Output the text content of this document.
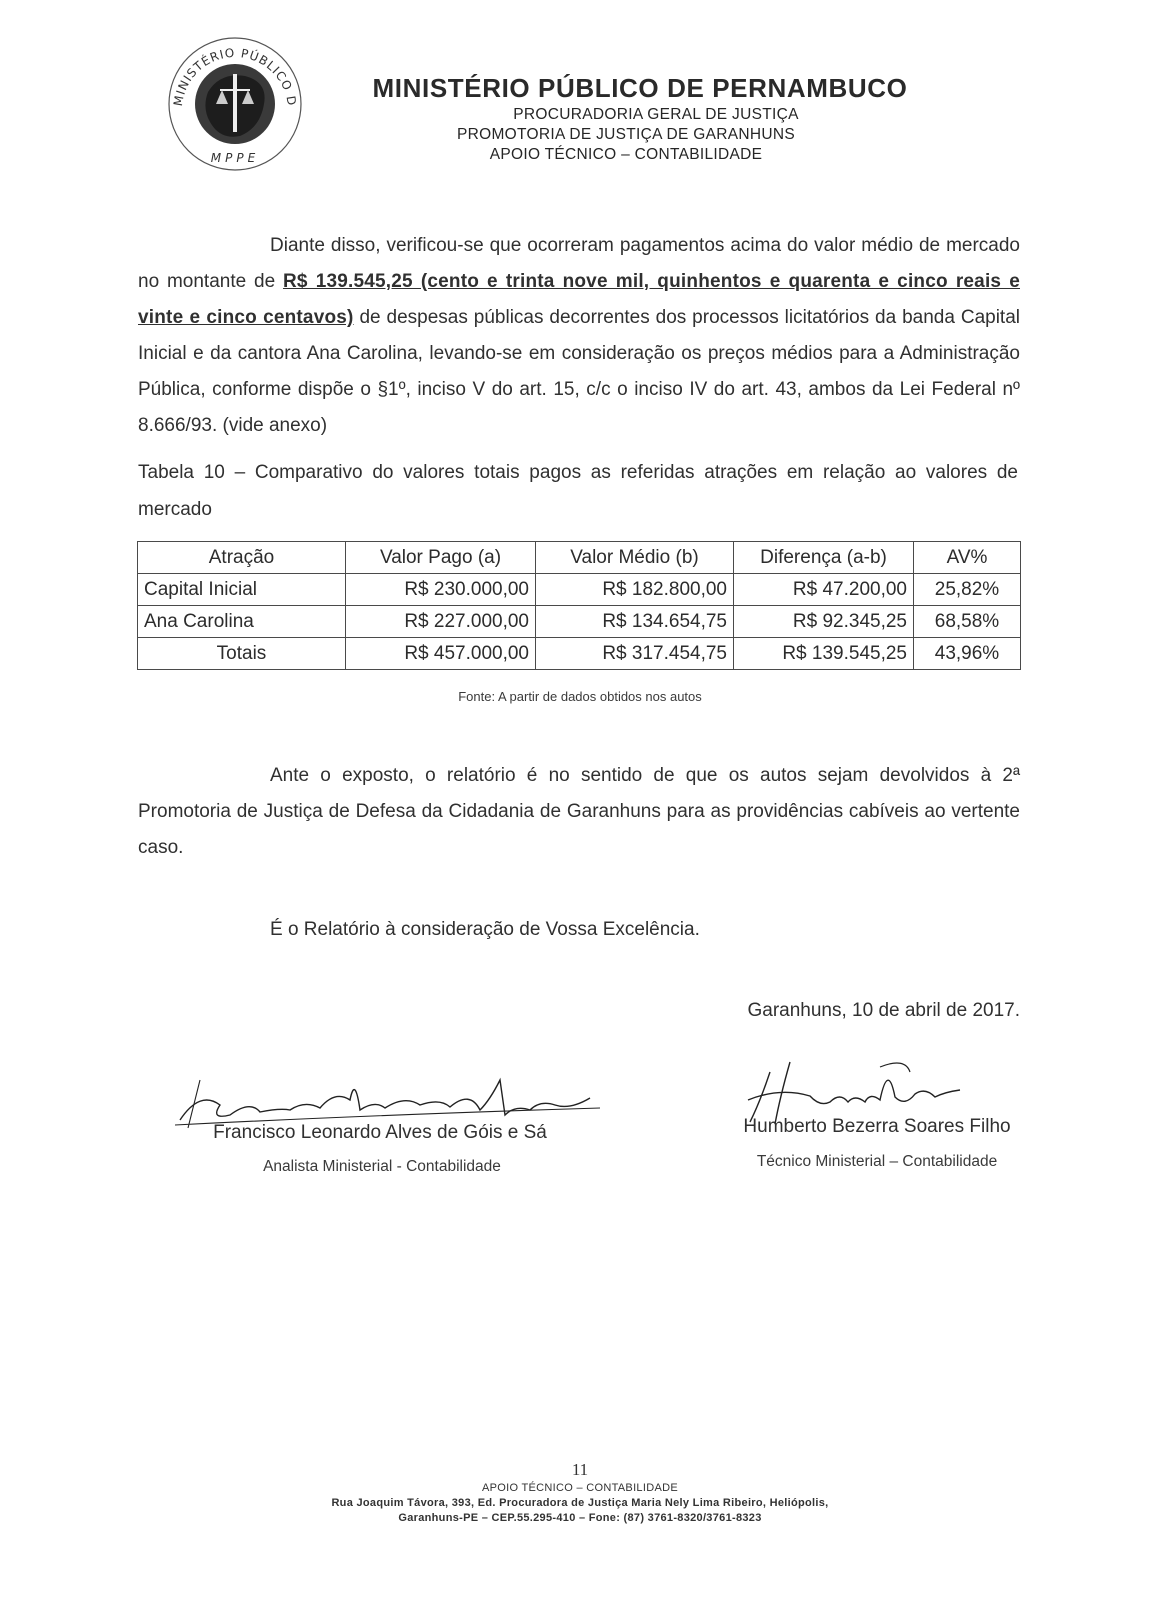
MINISTÉRIO PÚBLICO D
MPPE
MINISTÉRIO PÚBLICO DE PERNAMBUCO
PROCURADORIA GERAL DE JUSTIÇA
PROMOTORIA DE JUSTIÇA DE GARANHUNS
APOIO TÉCNICO – CONTABILIDADE
Diante disso, verificou-se que ocorreram pagamentos acima do valor médio de mercado no montante de R$ 139.545,25 (cento e trinta nove mil, quinhentos e quarenta e cinco reais e vinte e cinco centavos) de despesas públicas decorrentes dos processos licitatórios da banda Capital Inicial e da cantora Ana Carolina, levando-se em consideração os preços médios para a Administração Pública, conforme dispõe o §1º, inciso V do art. 15, c/c o inciso IV do art. 43, ambos da Lei Federal nº 8.666/93. (vide anexo)
Tabela 10 – Comparativo do valores totais pagos as referidas atrações em relação ao valores de mercado
Atração	Valor Pago (a)	Valor Médio (b)	Diferença (a-b)	AV%
Capital Inicial	R$ 230.000,00	R$ 182.800,00	R$ 47.200,00	25,82%
Ana Carolina	R$ 227.000,00	R$ 134.654,75	R$ 92.345,25	68,58%
Totais	R$ 457.000,00	R$ 317.454,75	R$ 139.545,25	43,96%
Fonte: A partir de dados obtidos nos autos
Ante o exposto, o relatório é no sentido de que os autos sejam devolvidos à 2ª Promotoria de Justiça de Defesa da Cidadania de Garanhuns para as providências cabíveis ao vertente caso.
É o Relatório à consideração de Vossa Excelência.
Garanhuns, 10 de abril de 2017.
Francisco Leonardo Alves de Góis e Sá
Analista Ministerial - Contabilidade
Humberto Bezerra Soares Filho
Técnico Ministerial – Contabilidade
11
APOIO TÉCNICO – CONTABILIDADE
Rua Joaquim Távora, 393, Ed. Procuradora de Justiça Maria Nely Lima Ribeiro, Heliópolis,
Garanhuns-PE – CEP.55.295-410 – Fone: (87) 3761-8320/3761-8323
